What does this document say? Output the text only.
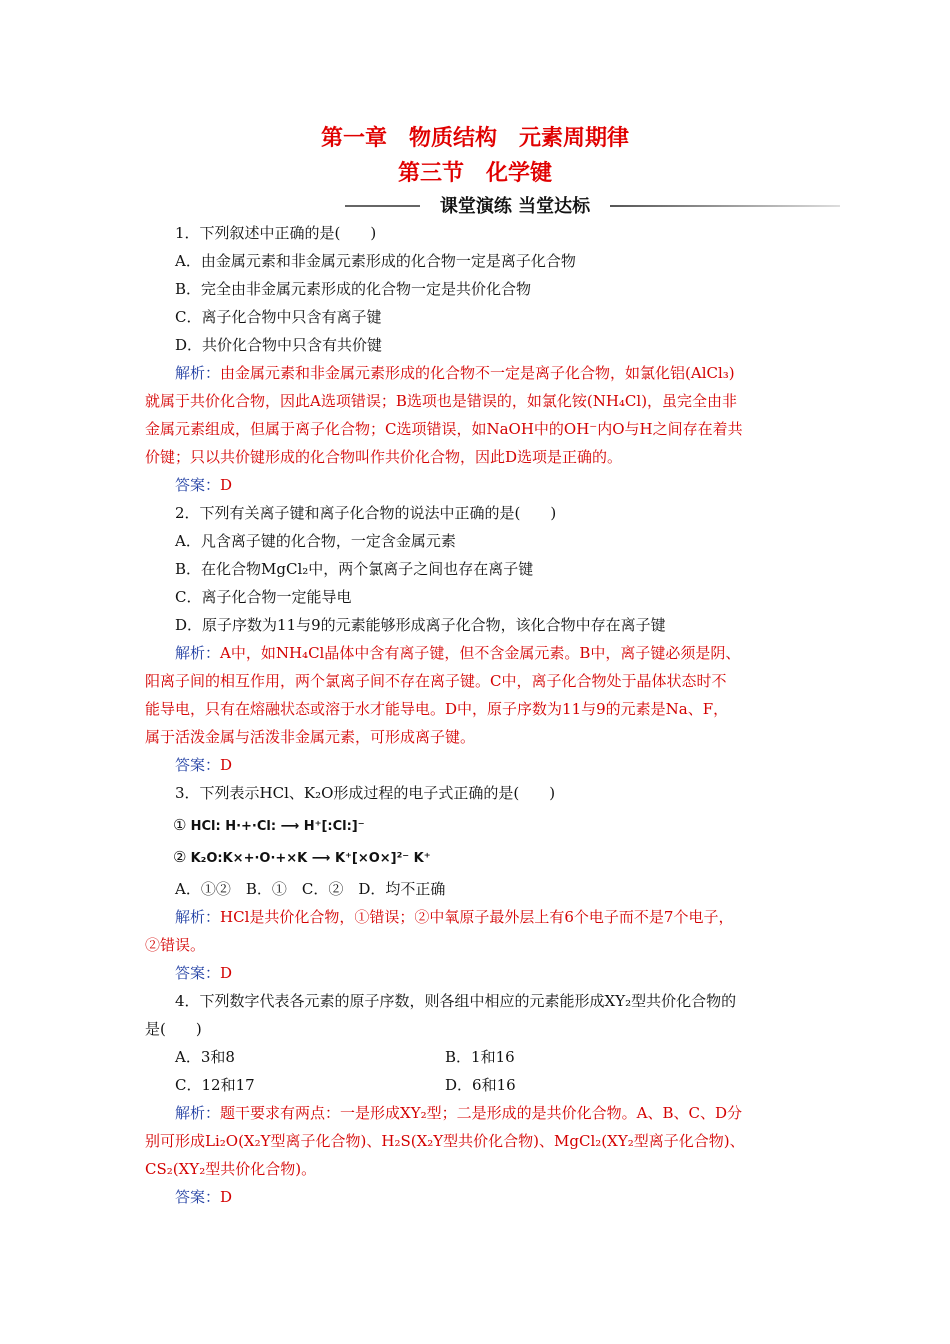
第一章　物质结构　元素周期律
第三节　化学键
课堂演练 当堂达标
1．下列叙述中正确的是(　　)
A．由金属元素和非金属元素形成的化合物一定是离子化合物
B．完全由非金属元素形成的化合物一定是共价化合物
C．离子化合物中只含有离子键
D．共价化合物中只含有共价键
解析：由金属元素和非金属元素形成的化合物不一定是离子化合物，如氯化铝(AlCl₃)
就属于共价化合物，因此A选项错误；B选项也是错误的，如氯化铵(NH₄Cl)，虽完全由非
金属元素组成，但属于离子化合物；C选项错误，如NaOH中的OH⁻内O与H之间存在着共
价键；只以共价键形成的化合物叫作共价化合物，因此D选项是正确的。
答案：D
2．下列有关离子键和离子化合物的说法中正确的是(　　)
A．凡含离子键的化合物，一定含金属元素
B．在化合物MgCl₂中，两个氯离子之间也存在离子键
C．离子化合物一定能导电
D．原子序数为11与9的元素能够形成离子化合物，该化合物中存在离子键
解析：A中，如NH₄Cl晶体中含有离子键，但不含金属元素。B中，离子键必须是阴、
阳离子间的相互作用，两个氯离子间不存在离子键。C中，离子化合物处于晶体状态时不
能导电，只有在熔融状态或溶于水才能导电。D中，原子序数为11与9的元素是Na、F，
属于活泼金属与活泼非金属元素，可形成离子键。
答案：D
3．下列表示HCl、K₂O形成过程的电子式正确的是(　　)
① HCl: H·+·Cl: ⟶ H⁺[:Cl:]⁻
② K₂O:K×+·O·+×K ⟶ K⁺[×O×]²⁻ K⁺
A．①②　B．①　C．②　D．均不正确
解析：HCl是共价化合物，①错误；②中氧原子最外层上有6个电子而不是7个电子，
②错误。
答案：D
4．下列数字代表各元素的原子序数，则各组中相应的元素能形成XY₂型共价化合物的
是(　　)
A．3和8	B．1和16
C．12和17	D．6和16
解析：题干要求有两点：一是形成XY₂型；二是形成的是共价化合物。A、B、C、D分
别可形成Li₂O(X₂Y型离子化合物)、H₂S(X₂Y型共价化合物)、MgCl₂(XY₂型离子化合物)、
CS₂(XY₂型共价化合物)。
答案：D
